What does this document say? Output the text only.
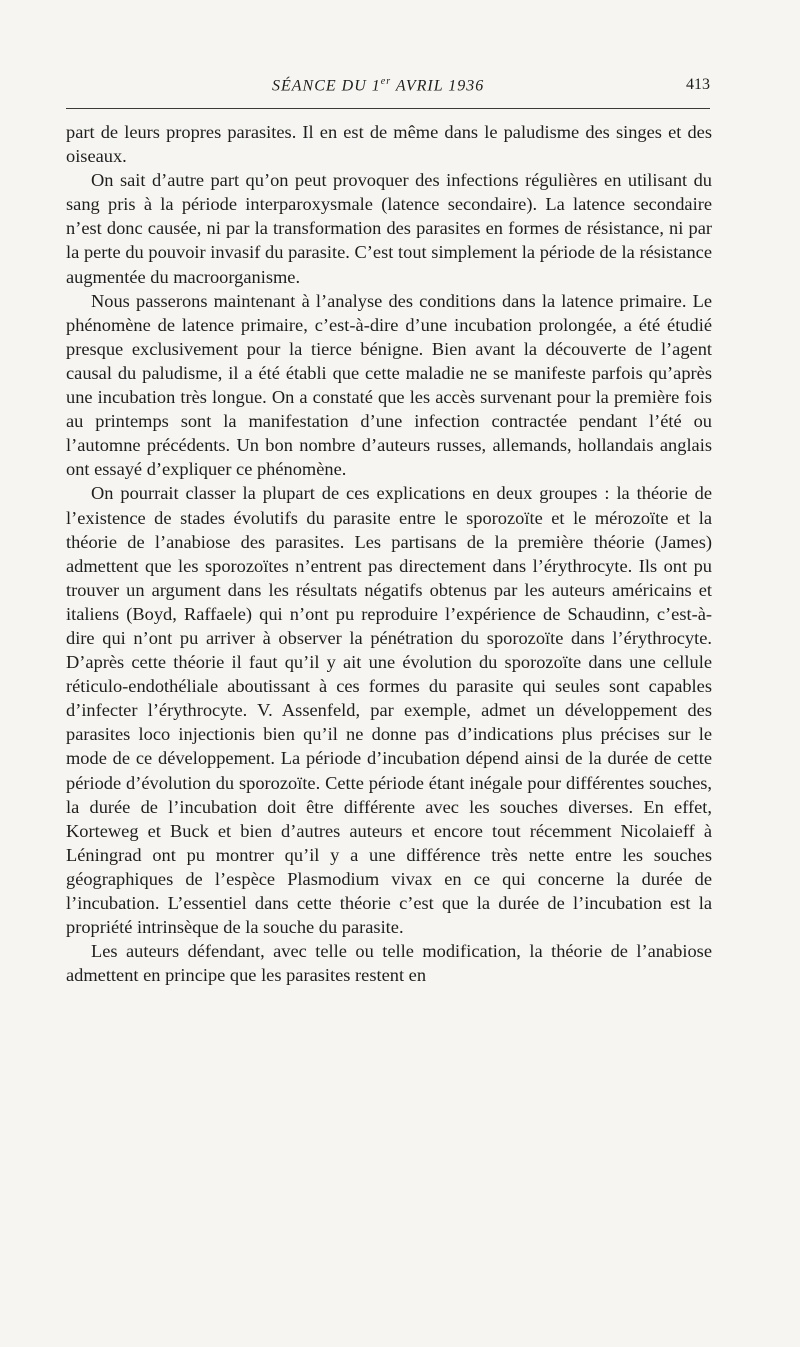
SÉANCE DU 1er AVRIL 1936	413

part de leurs propres parasites. Il en est de même dans le paludisme des singes et des oiseaux.

On sait d’autre part qu’on peut provoquer des infections régulières en utilisant du sang pris à la période interparoxysmale (latence secondaire). La latence secondaire n’est donc causée, ni par la transformation des parasites en formes de résistance, ni par la perte du pouvoir invasif du parasite. C’est tout simplement la période de la résistance augmentée du macroorganisme.

Nous passerons maintenant à l’analyse des conditions dans la latence primaire. Le phénomène de latence primaire, c’est-à-dire d’une incubation prolongée, a été étudié presque exclusivement pour la tierce bénigne. Bien avant la découverte de l’agent causal du paludisme, il a été établi que cette maladie ne se manifeste parfois qu’après une incubation très longue. On a constaté que les accès survenant pour la première fois au printemps sont la manifestation d’une infection contractée pendant l’été ou l’automne précédents. Un bon nombre d’auteurs russes, allemands, hollandais anglais ont essayé d’expliquer ce phénomène.

On pourrait classer la plupart de ces explications en deux groupes : la théorie de l’existence de stades évolutifs du parasite entre le sporozoïte et le mérozoïte et la théorie de l’anabiose des parasites. Les partisans de la première théorie (James) admettent que les sporozoïtes n’entrent pas directement dans l’érythrocyte. Ils ont pu trouver un argument dans les résultats négatifs obtenus par les auteurs américains et italiens (Boyd, Raffaele) qui n’ont pu reproduire l’expérience de Schaudinn, c’est-à-dire qui n’ont pu arriver à observer la pénétration du sporozoïte dans l’érythrocyte. D’après cette théorie il faut qu’il y ait une évolution du sporozoïte dans une cellule réticulo-endothéliale aboutissant à ces formes du parasite qui seules sont capables d’infecter l’érythrocyte. V. Assenfeld, par exemple, admet un développement des parasites loco injectionis bien qu’il ne donne pas d’indications plus précises sur le mode de ce développement. La période d’incubation dépend ainsi de la durée de cette période d’évolution du sporozoïte. Cette période étant inégale pour différentes souches, la durée de l’incubation doit être différente avec les souches diverses. En effet, Korteweg et Buck et bien d’autres auteurs et encore tout récemment Nicolaieff à Léningrad ont pu montrer qu’il y a une différence très nette entre les souches géographiques de l’espèce Plasmodium vivax en ce qui concerne la durée de l’incubation. L’essentiel dans cette théorie c’est que la durée de l’incubation est la propriété intrinsèque de la souche du parasite.

Les auteurs défendant, avec telle ou telle modification, la théorie de l’anabiose admettent en principe que les parasites restent en
